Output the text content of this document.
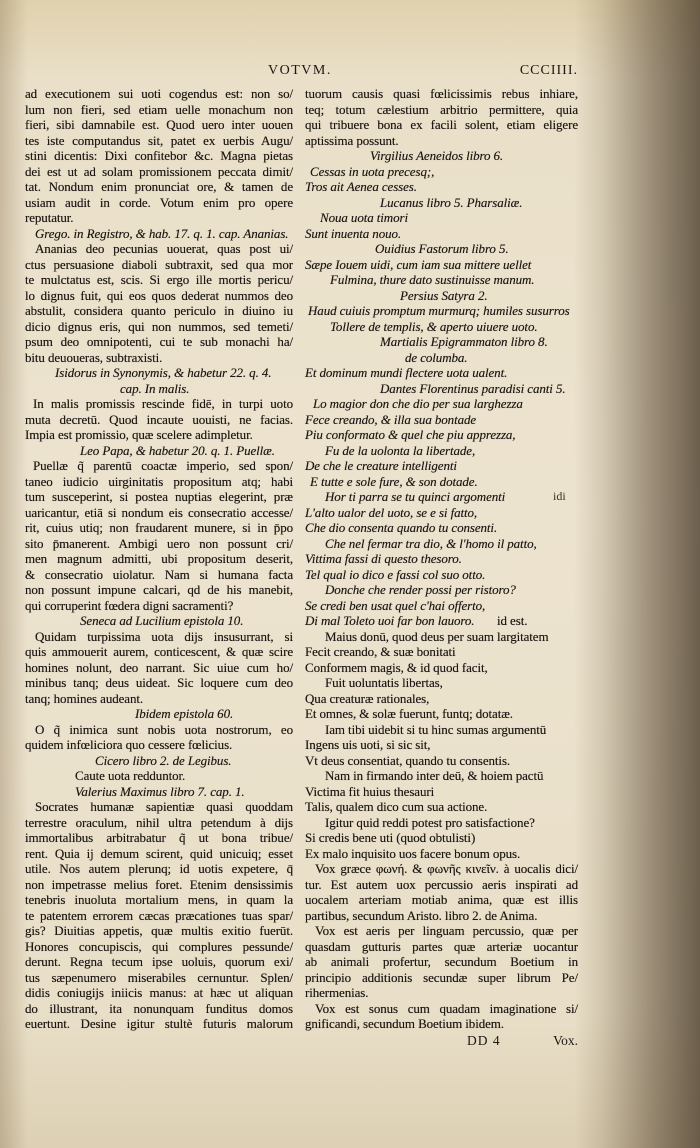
VOTVM.	CCCIIII.
ad executionem sui uoti cogendus est: non so/
lum non fieri, sed etiam uelle monachum non
fieri, sibi damnabile est. Quod uero inter uouen
tes iste computandus sit, patet ex uerbis Augu/
stini dicentis: Dixi confitebor &c. Magna pietas
dei est ut ad solam promissionem peccata dimit/
tat. Nondum enim pronunciat ore, & tamen de
usiam audit in corde. Votum enim pro opere
reputatur.
Grego. in Registro, & hab. 17. q. 1. cap. Ananias.
Ananias deo pecunias uouerat, quas post ui/
ctus persuasione diaboli subtraxit, sed qua mor
te mulctatus est, scis. Si ergo ille mortis pericu/
lo dignus fuit, qui eos quos dederat nummos deo
abstulit, considera quanto periculo in diuino iu
dicio dignus eris, qui non nummos, sed temeti/
psum deo omnipotenti, cui te sub monachi ha/
bitu deuoueras, subtraxisti.
Isidorus in Synonymis, & habetur 22. q. 4.
cap. In malis.
In malis promissis rescinde fidē, in turpi uoto
muta decretū. Quod incaute uouisti, ne facias.
Impia est promissio, quæ scelere adimpletur.
Leo Papa, & habetur 20. q. 1. Puellæ.
Puellæ q̃ parentū coactæ imperio, sed spon/
taneo iudicio uirginitatis propositum atq; habi
tum susceperint, si postea nuptias elegerint, præ
uaricantur, etiā si nondum eis consecratio accesse/
rit, cuius utiq; non fraudarent munere, si in p̄po
sito p̄manerent. Ambigi uero non possunt cri/
men magnum admitti, ubi propositum deserit,
& consecratio uiolatur. Nam si humana facta
non possunt impune calcari, qd de his manebit,
qui corruperint fœdera digni sacramenti?
Seneca ad Lucilium epistola 10.
Quidam turpissima uota dijs insusurrant, si
quis ammouerit aurem, conticescent, & quæ scire
homines nolunt, deo narrant. Sic uiue cum ho/
minibus tanq; deus uideat. Sic loquere cum deo
tanq; homines audeant.
Ibidem epistola 60.
O q̃ inimica sunt nobis uota nostrorum, eo
quidem infœliciora quo cessere fœlicius.
Cicero libro 2. de Legibus.
Caute uota redduntor.
Valerius Maximus libro 7. cap. 1.
Socrates humanæ sapientiæ quasi quoddam
terrestre oraculum, nihil ultra petendum à dijs
immortalibus arbitrabatur q̃ ut bona tribue/
rent. Quia ij demum scirent, quid unicuiq; esset
utile. Nos autem plerunq; id uotis expetere, q̄
non impetrasse melius foret. Etenim densissimis
tenebris inuoluta mortalium mens, in quam la
te patentem errorem cæcas præcationes tuas spar/
gis? Diuitias appetis, quæ multis exitio fuerūt.
Honores concupiscis, qui complures pessunde/
derunt. Regna tecum ipse uoluis, quorum exi/
tus sæpenumero miserabiles cernuntur. Splen/
didis coniugijs iniicis manus: at hæc ut aliquan
do illustrant, ita nonunquam funditus domos
euertunt. Desine igitur stultè futuris malorum
tuorum causis quasi fœlicissimis rebus inhiare,
teq; totum cælestium arbitrio permittere, quia
qui tribuere bona ex facili solent, etiam eligere
aptissima possunt.
Virgilius Aeneidos libro 6.
Cessas in uota precesq;,
Tros ait Aenea cesses.
Lucanus libro 5. Pharsaliæ.
Noua uota timori
Sunt inuenta nouo.
Ouidius Fastorum libro 5.
Sæpe Iouem uidi, cum iam sua mittere uellet
Fulmina, thure dato sustinuisse manum.
Persius Satyra 2.
Haud cuiuis promptum murmurq; humiles susurros
Tollere de templis, & aperto uiuere uoto.
Martialis Epigrammaton libro 8.
de columba.
Et dominum mundi flectere uota ualent.
Dantes Florentinus paradisi canti 5.
Lo magior don che dio per sua larghezza
Fece creando, & illa sua bontade
Piu conformato & quel che piu apprezza,
Fu de la uolonta la libertade,
De che le creature intelligenti
E tutte e sole fure, & son dotade.
Hor ti parra se tu quinci argomenti
L'alto ualor del uoto, se e si fatto,
Che dio consenta quando tu consenti.
Che nel fermar tra dio, & l'homo il patto,
Vittima fassi di questo thesoro.
Tel qual io dico e fassi col suo otto.
Donche che render possi per ristoro?
Se credi ben usat quel c'hai offerto,
Di mal Toleto uoi far bon lauoro. id est.
Maius donū, quod deus per suam largitatem
Fecit creando, & suæ bonitati
Conformem magis, & id quod facit,
Fuit uoluntatis libertas,
Qua creaturæ rationales,
Et omnes, & solæ fuerunt, funtq; dotatæ.
Iam tibi uidebit si tu hinc sumas argumentū
Ingens uis uoti, si sic sit,
Vt deus consentiat, quando tu consentis.
Nam in firmando inter deū, & hoiem pactū
Victima fit huius thesauri
Talis, qualem dico cum sua actione.
Igitur quid reddi potest pro satisfactione?
Si credis bene uti (quod obtulisti)
Ex malo inquisito uos facere bonum opus.
Vox græce φωνή. & φωνῆς κινεῖν. à uocalis dici/
tur. Est autem uox percussio aeris inspirati ad
uocalem arteriam motiab anima, quæ est illis
partibus, secundum Aristo. libro 2. de Anima.
Vox est aeris per linguam percussio, quæ per
quasdam gutturis partes quæ arteriæ uocantur
ab animali profertur, secundum Boetium in
principio additionis secundæ super librum Pe/
rihermenias.
Vox est sonus cum quadam imaginatione si/
gnificandi, secundum Boetium ibidem.
idi
DD 4	Vox.
